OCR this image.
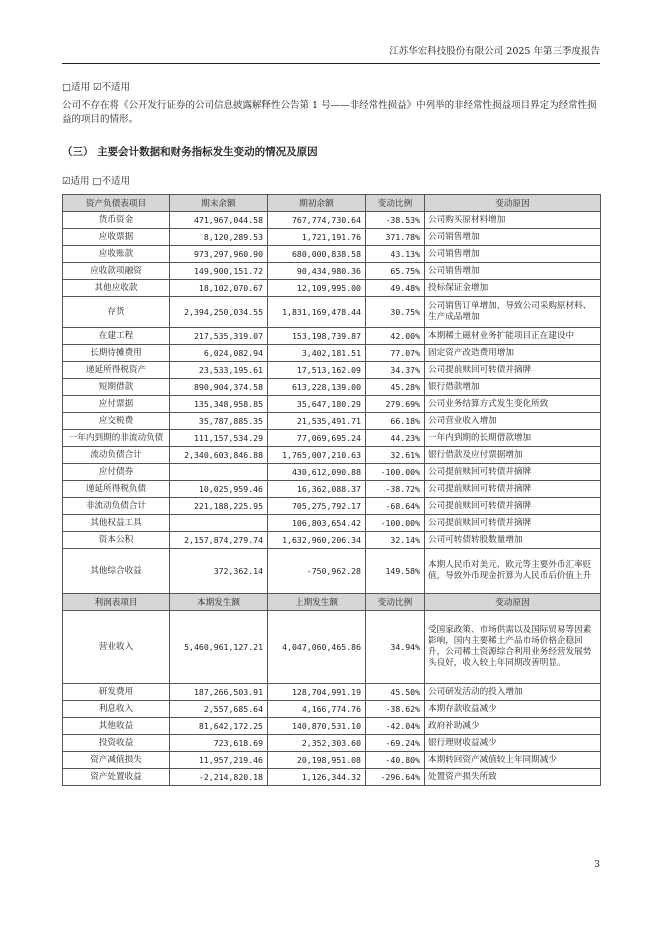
江苏华宏科技股份有限公司 2025 年第三季度报告
□适用 ☑不适用
公司不存在将《公开发行证券的公司信息披露解释性公告第 1 号——非经常性损益》中列举的非经常性损益项目界定为经常性损益的项目的情形。
（三） 主要会计数据和财务指标发生变动的情况及原因
☑适用 □不适用
资产负债表项目	期末余额	期初余额	变动比例	变动原因
货币资金	471,967,044.58	767,774,730.64	-38.53%	公司购买原材料增加
应收票据	8,120,289.53	1,721,191.76	371.78%	公司销售增加
应收账款	973,297,960.90	680,000,838.58	43.13%	公司销售增加
应收款项融资	149,900,151.72	90,434,980.36	65.75%	公司销售增加
其他应收款	18,102,070.67	12,109,995.00	49.48%	投标保证金增加
存货	2,394,250,034.55	1,831,169,478.44	30.75%	公司销售订单增加，导致公司采购原材料、生产成品增加
在建工程	217,535,319.07	153,198,739.87	42.00%	本期稀土磁材业务扩能项目正在建设中
长期待摊费用	6,024,082.94	3,402,181.51	77.07%	固定资产改造费用增加
递延所得税资产	23,533,195.61	17,513,162.09	34.37%	公司提前赎回可转债并摘牌
短期借款	890,904,374.58	613,228,139.00	45.28%	银行借款增加
应付票据	135,348,958.85	35,647,180.29	279.69%	公司业务结算方式发生变化所致
应交税费	35,787,885.35	21,535,491.71	66.18%	公司营业收入增加
一年内到期的非流动负债	111,157,534.29	77,069,695.24	44.23%	一年内到期的长期借款增加
流动负债合计	2,340,603,846.88	1,765,007,210.63	32.61%	银行借款及应付票据增加
应付债券		430,612,090.88	-100.00%	公司提前赎回可转债并摘牌
递延所得税负债	10,025,959.46	16,362,088.37	-38.72%	公司提前赎回可转债并摘牌
非流动负债合计	221,188,225.95	705,275,792.17	-68.64%	公司提前赎回可转债并摘牌
其他权益工具		106,803,654.42	-100.00%	公司提前赎回可转债并摘牌
资本公积	2,157,874,279.74	1,632,960,206.34	32.14%	公司可转债转股数量增加
其他综合收益	372,362.14	-750,962.28	149.58%	本期人民币对美元、欧元等主要外币汇率贬值，导致外币现金折算为人民币后价值上升
利润表项目	本期发生额	上期发生额	变动比例	变动原因
营业收入	5,460,961,127.21	4,047,060,465.86	34.94%	受国家政策、市场供需以及国际贸易等因素影响，国内主要稀土产品市场价格企稳回升，公司稀土资源综合利用业务经营发展势头良好，收入较上年同期改善明显。
研发费用	187,266,503.91	128,704,991.19	45.50%	公司研发活动的投入增加
利息收入	2,557,685.64	4,166,774.76	-38.62%	本期存款收益减少
其他收益	81,642,172.25	140,870,531.10	-42.04%	政府补助减少
投资收益	723,618.69	2,352,303.60	-69.24%	银行理财收益减少
资产减值损失	11,957,219.46	20,198,951.08	-40.80%	本期转回资产减值较上年同期减少
资产处置收益	-2,214,820.18	1,126,344.32	-296.64%	处置资产损失所致
3
